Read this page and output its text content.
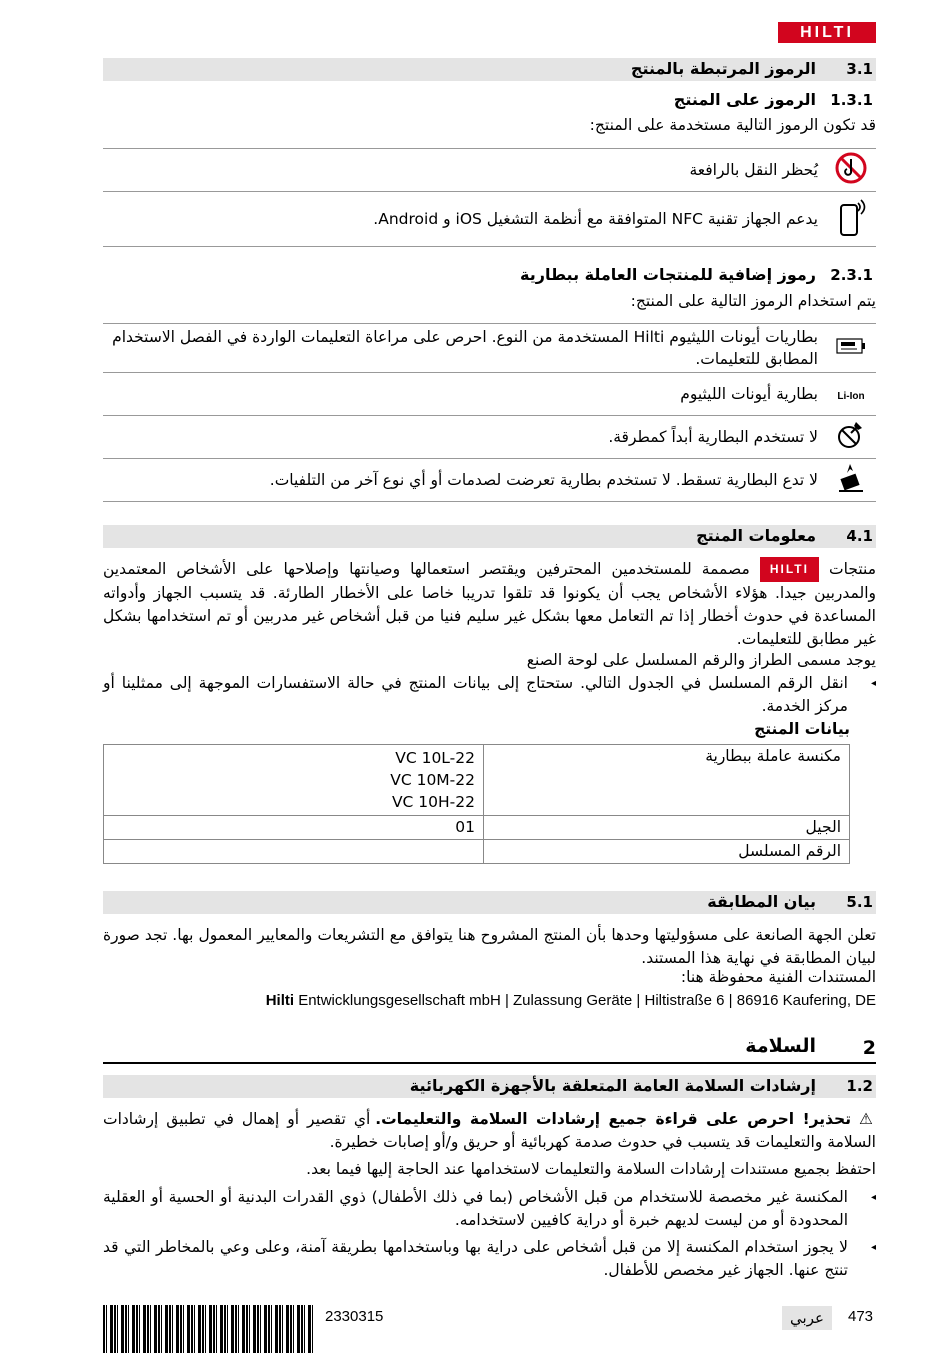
HILTI
3.1
الرموز المرتبطة بالمنتج
1.3.1
الرموز على المنتج
قد تكون الرموز التالية مستخدمة على المنتج:
يُحظر النقل بالرافعة	
يدعم الجهاز تقنية NFC المتوافقة مع أنظمة التشغيل iOS و Android.	
2.3.1
رموز إضافية للمنتجات العاملة ببطارية
يتم استخدام الرموز التالية على المنتج:
بطاريات أيونات الليثيوم Hilti المستخدمة من النوع. احرص على مراعاة التعليمات الواردة في الفصل الاستخدام المطابق للتعليمات.	
بطارية أيونات الليثيوم	Li-Ion
لا تستخدم البطارية أبداً كمطرقة.	
لا تدع البطارية تسقط. لا تستخدم بطارية تعرضت لصدمات أو أي نوع آخر من التلفيات.	
4.1
معلومات المنتج
منتجات HILTI مصممة للمستخدمين المحترفين ويقتصر استعمالها وصيانتها وإصلاحها على الأشخاص المعتمدين والمدربين جيدا. هؤلاء الأشخاص يجب أن يكونوا قد تلقوا تدريبا خاصا على الأخطار الطارئة. قد يتسبب الجهاز وأدواته المساعدة في حدوث أخطار إذا تم التعامل معها بشكل غير سليم فنيا من قبل أشخاص غير مدربين أو تم استخدامها بشكل غير مطابق للتعليمات.
يوجد مسمى الطراز والرقم المسلسل على لوحة الصنع
◂
انقل الرقم المسلسل في الجدول التالي. ستحتاج إلى بيانات المنتج في حالة الاستفسارات الموجهة إلى ممثلينا أو مركز الخدمة.
بيانات المنتج
VC 10L-22
VC 10M-22
VC 10H-22	مكنسة عاملة ببطارية
01	الجيل
	الرقم المسلسل
5.1
بيان المطابقة
تعلن الجهة الصانعة على مسؤوليتها وحدها بأن المنتج المشروح هنا يتوافق مع التشريعات والمعايير المعمول بها. تجد صورة لبيان المطابقة في نهاية هذا المستند.
المستندات الفنية محفوظة هنا:
Hilti Entwicklungsgesellschaft mbH | Zulassung Geräte | Hiltistraße 6 | 86916 Kaufering, DE
2
السلامة
1.2
إرشادات السلامة العامة المتعلقة بالأجهزة الكهربائية
⚠ تحذير! احرص على قراءة جميع إرشادات السلامة والتعليمات. أي تقصير أو إهمال في تطبيق إرشادات السلامة والتعليمات قد يتسبب في حدوث صدمة كهربائية أو حريق و/أو إصابات خطيرة.
احتفظ بجميع مستندات إرشادات السلامة والتعليمات لاستخدامها عند الحاجة إليها فيما بعد.
◂
المكنسة غير مخصصة للاستخدام من قبل الأشخاص (بما في ذلك الأطفال) ذوي القدرات البدنية أو الحسية أو العقلية المحدودة أو من ليست لديهم خبرة أو دراية كافيين لاستخدامه.
◂
لا يجوز استخدام المكنسة إلا من قبل أشخاص على دراية بها وباستخدامها بطريقة آمنة، وعلى وعي بالمخاطر التي قد تنتج عنها. الجهاز غير مخصص للأطفال.
2330315	عربي	473
